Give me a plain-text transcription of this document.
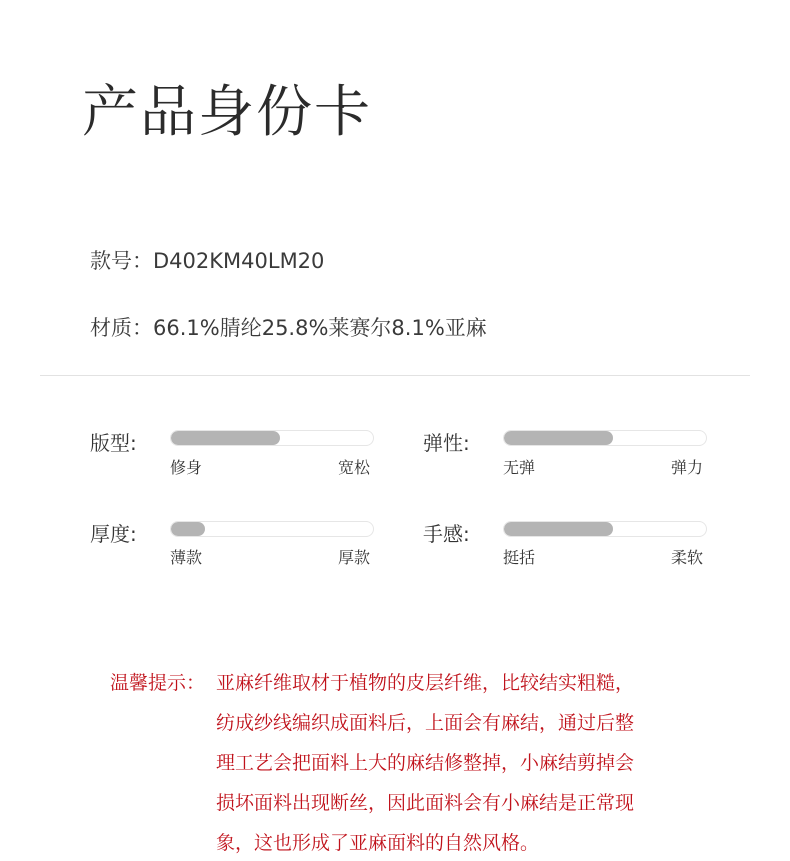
产品身份卡
款号：D402KM40LM20
材质：66.1%腈纶25.8%莱赛尔8.1%亚麻
版型:
修身	宽松
弹性:
无弹	弹力
厚度:
薄款	厚款
手感:
挺括	柔软
温馨提示： 亚麻纤维取材于植物的皮层纤维，比较结实粗糙，
纺成纱线编织成面料后，上面会有麻结，通过后整
理工艺会把面料上大的麻结修整掉，小麻结剪掉会
损坏面料出现断丝，因此面料会有小麻结是正常现
象，这也形成了亚麻面料的自然风格。
